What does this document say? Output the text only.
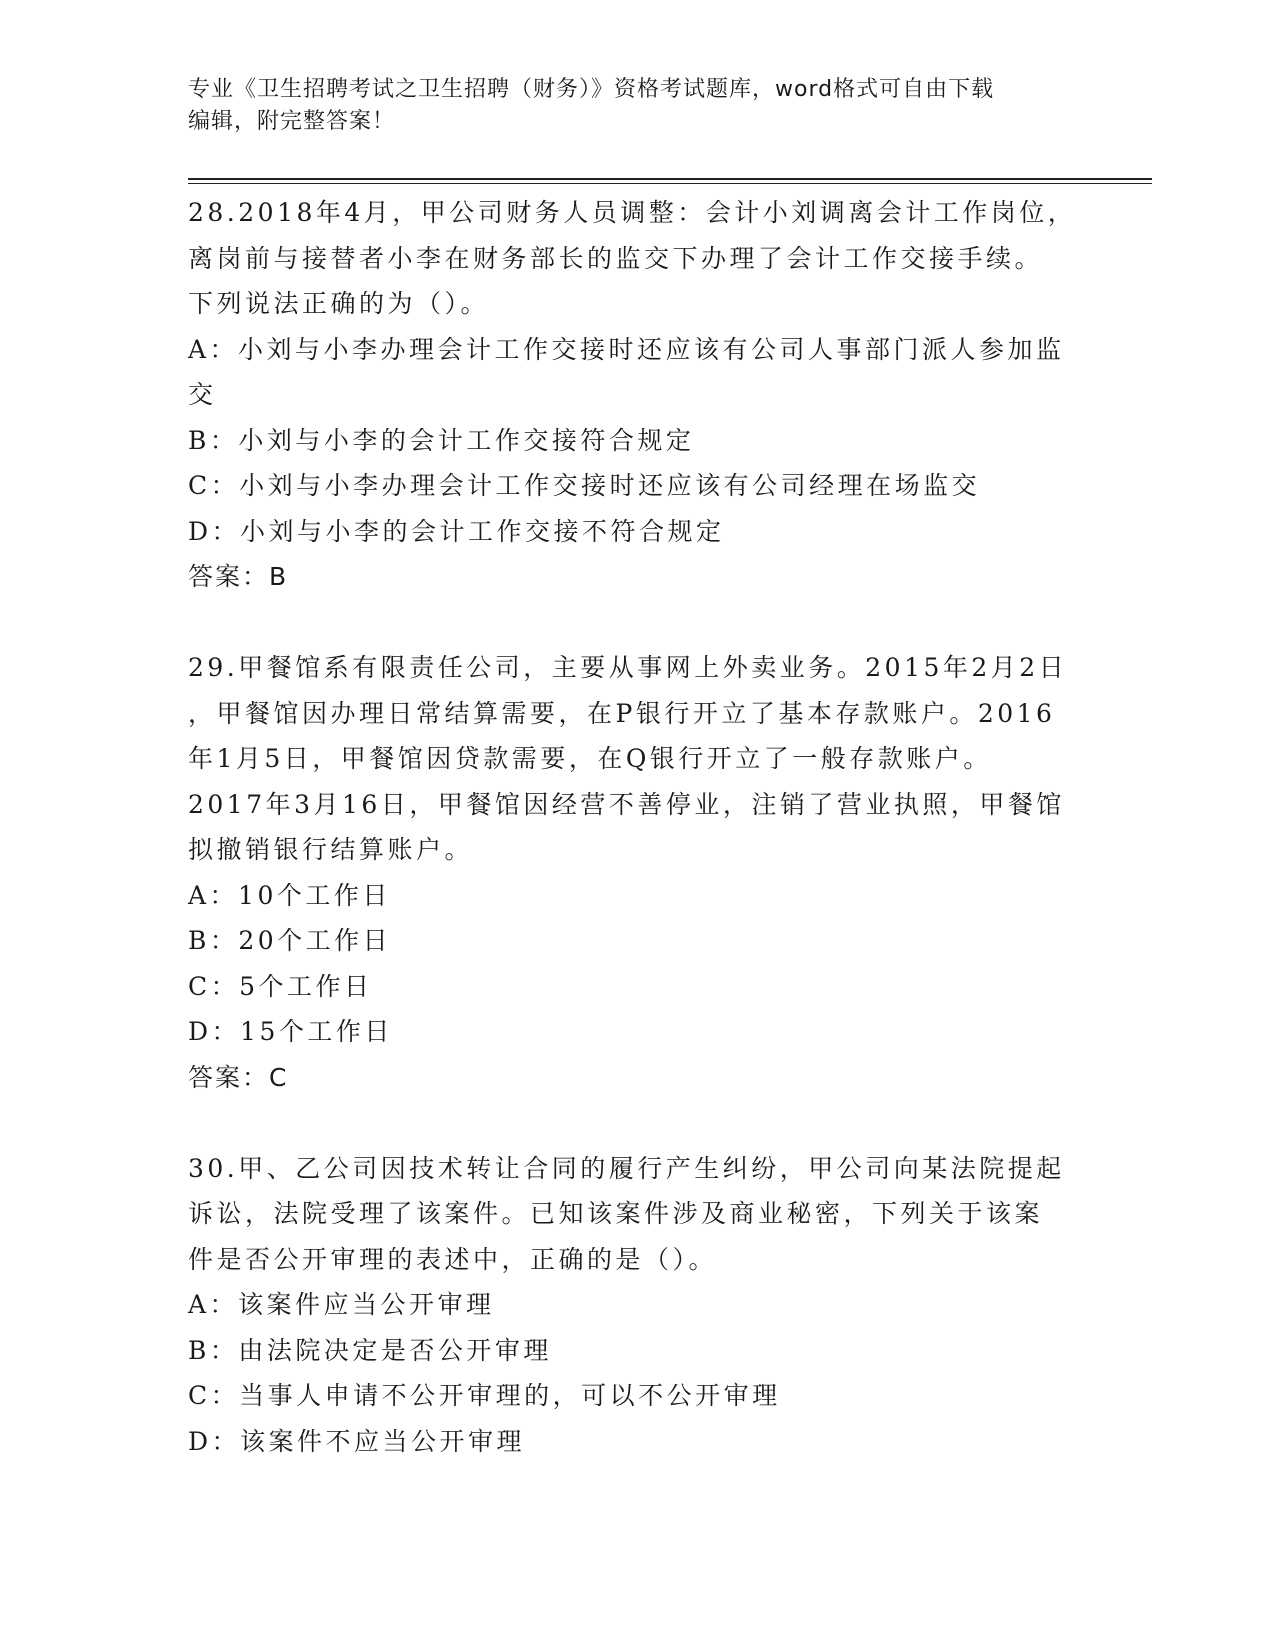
专业《卫生招聘考试之卫生招聘（财务）》资格考试题库，word格式可自由下载
编辑，附完整答案！
28.2018年4月，甲公司财务人员调整：会计小刘调离会计工作岗位，
离岗前与接替者小李在财务部长的监交下办理了会计工作交接手续。
下列说法正确的为（）。
A：小刘与小李办理会计工作交接时还应该有公司人事部门派人参加监
交
B：小刘与小李的会计工作交接符合规定
C：小刘与小李办理会计工作交接时还应该有公司经理在场监交
D：小刘与小李的会计工作交接不符合规定
答案：B
29.甲餐馆系有限责任公司，主要从事网上外卖业务。2015年2月2日
，甲餐馆因办理日常结算需要，在P银行开立了基本存款账户。2016
年1月5日，甲餐馆因贷款需要，在Q银行开立了一般存款账户。
2017年3月16日，甲餐馆因经营不善停业，注销了营业执照，甲餐馆
拟撤销银行结算账户。
A：10个工作日
B：20个工作日
C：5个工作日
D：15个工作日
答案：C
30.甲、乙公司因技术转让合同的履行产生纠纷，甲公司向某法院提起
诉讼，法院受理了该案件。已知该案件涉及商业秘密，下列关于该案
件是否公开审理的表述中，正确的是（）。
A：该案件应当公开审理
B：由法院决定是否公开审理
C：当事人申请不公开审理的，可以不公开审理
D：该案件不应当公开审理
